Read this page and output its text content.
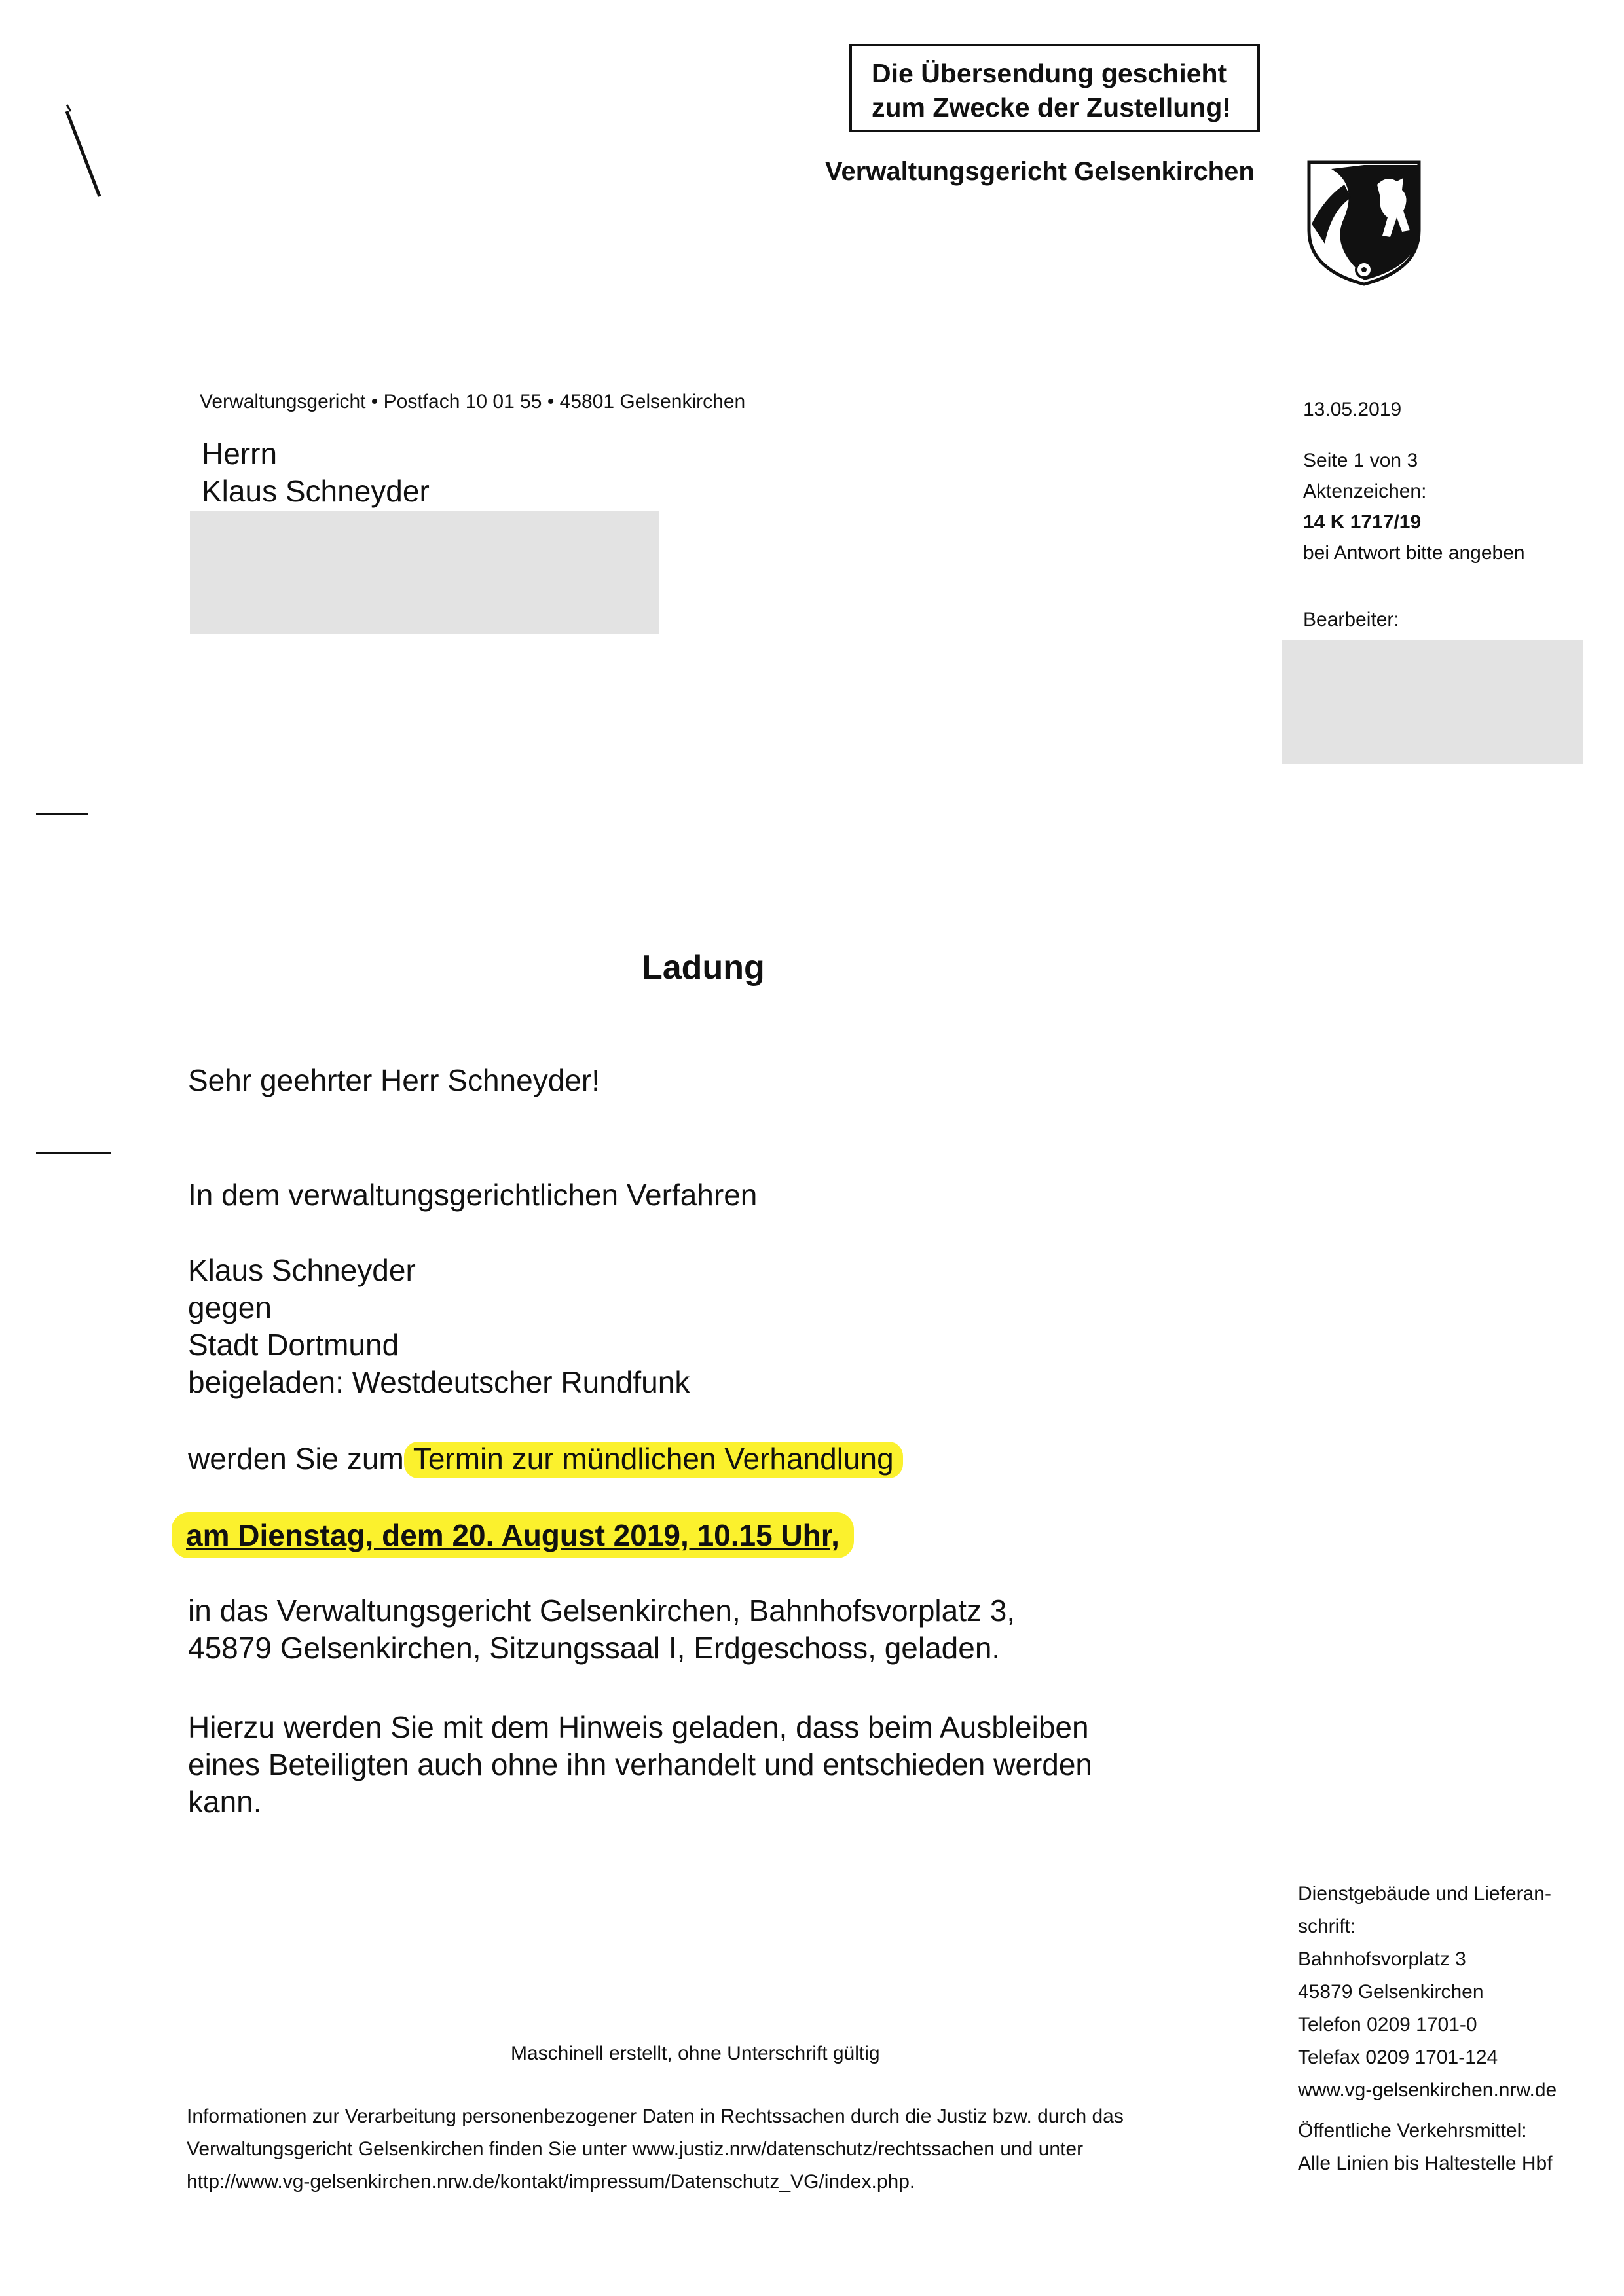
Die Übersendung geschieht
zum Zwecke der Zustellung!
Verwaltungsgericht Gelsenkirchen
Verwaltungsgericht • Postfach 10 01 55 • 45801 Gelsenkirchen
Herrn
Klaus Schneyder
13.05.2019
Seite 1 von 3
Aktenzeichen:
14 K 1717/19
bei Antwort bitte angeben
Bearbeiter:
Ladung
Sehr geehrter Herr Schneyder!
In dem verwaltungsgerichtlichen Verfahren
Klaus Schneyder
gegen
Stadt Dortmund
beigeladen: Westdeutscher Rundfunk
werden Sie zum Termin zur mündlichen Verhandlung
am Dienstag, dem 20. August 2019, 10.15 Uhr,
in das Verwaltungsgericht Gelsenkirchen, Bahnhofsvorplatz 3,
45879 Gelsenkirchen, Sitzungssaal I, Erdgeschoss, geladen.
Hierzu werden Sie mit dem Hinweis geladen, dass beim Ausbleiben
eines Beteiligten auch ohne ihn verhandelt und entschieden werden
kann.
Maschinell erstellt, ohne Unterschrift gültig
Informationen zur Verarbeitung personenbezogener Daten in Rechtssachen durch die Justiz bzw. durch das
Verwaltungsgericht Gelsenkirchen finden Sie unter www.justiz.nrw/datenschutz/rechtssachen und unter
http://www.vg-gelsenkirchen.nrw.de/kontakt/impressum/Datenschutz_VG/index.php.
Dienstgebäude und Lieferan-
schrift:
Bahnhofsvorplatz 3
45879 Gelsenkirchen
Telefon 0209 1701-0
Telefax 0209 1701-124
www.vg-gelsenkirchen.nrw.de
Öffentliche Verkehrsmittel:
Alle Linien bis Haltestelle Hbf
